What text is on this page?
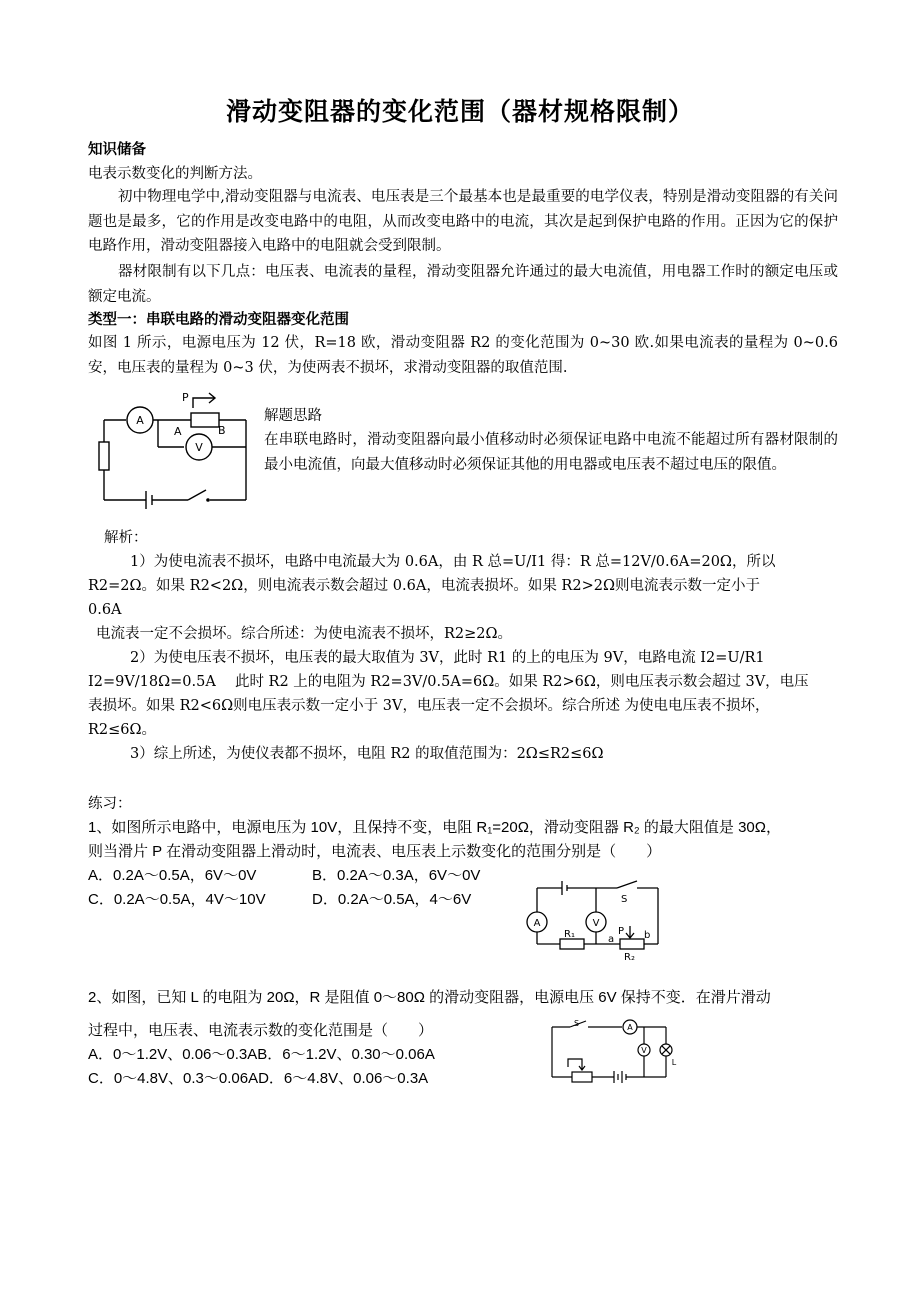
滑动变阻器的变化范围（器材规格限制）
知识储备
电表示数变化的判断方法。
初中物理电学中,滑动变阻器与电流表、电压表是三个最基本也是最重要的电学仪表，特别是滑动变阻器的有关问题也是最多，它的作用是改变电路中的电阻，从而改变电路中的电流，其次是起到保护电路的作用。正因为它的保护电路作用，滑动变阻器接入电路中的电阻就会受到限制。
器材限制有以下几点：电压表、电流表的量程，滑动变阻器允许通过的最大电流值，用电器工作时的额定电压或额定电流。
类型一：串联电路的滑动变阻器变化范围
如图 1 所示，电源电压为 12 伏，R=18 欧，滑动变阻器 R2 的变化范围为 0~30 欧.如果电流表的量程为 0~0.6 安，电压表的量程为 0~3 伏，为使两表不损坏，求滑动变阻器的取值范围.
A
V
P
A	B
解题思路
在串联电路时，滑动变阻器向最小值移动时必须保证电路中电流不能超过所有器材限制的最小电流值，向最大值移动时必须保证其他的用电器或电压表不超过电压的限值。
解析：
1）为使电流表不损坏，电路中电流最大为 0.6A，由 R 总=U/I1 得：R 总=12V/0.6A=20Ω，所以
R2=2Ω。如果 R2<2Ω，则电流表示数会超过 0.6A，电流表损坏。如果 R2>2Ω则电流表示数一定小于
0.6A
电流表一定不会损坏。综合所述：为使电流表不损坏，R2≥2Ω。
2）为使电压表不损坏，电压表的最大取值为 3V，此时 R1 的上的电压为 9V，电路电流 I2=U/R1
I2=9V/18Ω=0.5A　 此时 R2 上的电阻为 R2=3V/0.5A=6Ω。如果 R2>6Ω，则电压表示数会超过 3V，电压
表损坏。如果 R2<6Ω则电压表示数一定小于 3V，电压表一定不会损坏。综合所述 为使电电压表不损坏，
R2≤6Ω。
3）综上所述，为使仪表都不损坏，电阻 R2 的取值范围为：2Ω≤R2≤6Ω
练习：
1、如图所示电路中，电源电压为 10V，且保持不变，电阻 R₁=20Ω，滑动变阻器 R₂ 的最大阻值是 30Ω，
则当滑片 P 在滑动变阻器上滑动时，电流表、电压表上示数变化的范围分别是（　　）
A．0.2A～0.5A，6V～0V	B．0.2A～0.3A，6V～0V
C．0.2A～0.5A，4V～10V	D．0.2A～0.5A，4～6V
A	V
S
R₁	a
P b
R₂
2、如图，已知 L 的电阻为 20Ω，R 是阻值 0～80Ω 的滑动变阻器，电源电压 6V 保持不变．在滑片滑动
过程中，电压表、电流表示数的变化范围是（　　）
A．0～1.2V、0.06～0.3AB．6～1.2V、0.30～0.06A
C．0～4.8V、0.3～0.06AD．6～4.8V、0.06～0.3A
S	A
V
L
